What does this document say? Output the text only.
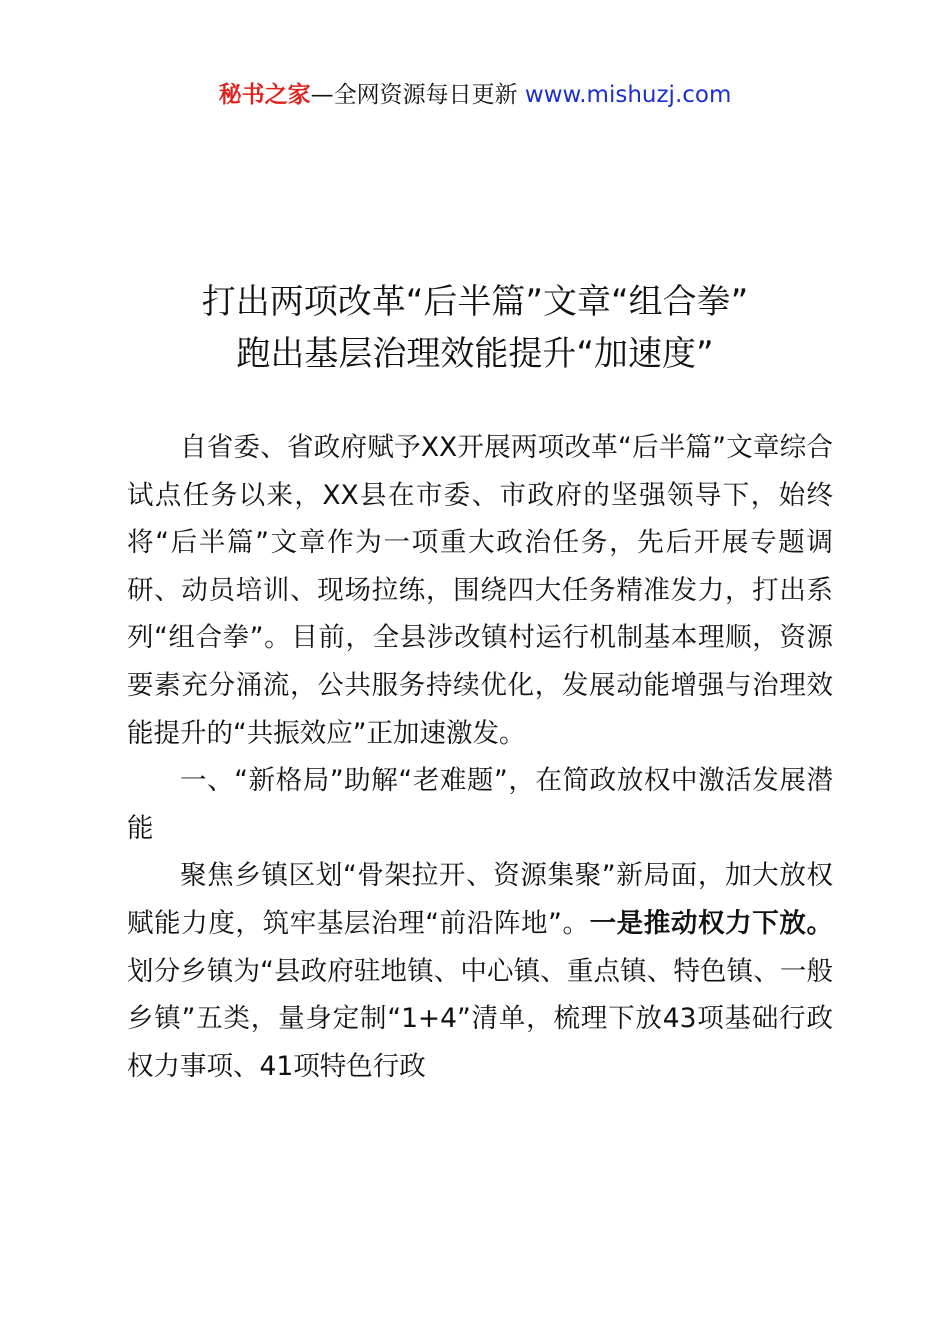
秘书之家—全网资源每日更新 www.mishuzj.com
打出两项改革“后半篇”文章“组合拳”
跑出基层治理效能提升“加速度”

自省委、省政府赋予XX开展两项改革“后半篇”文章综合试点任务以来，XX县在市委、市政府的坚强领导下，始终将“后半篇”文章作为一项重大政治任务，先后开展专题调研、动员培训、现场拉练，围绕四大任务精准发力，打出系列“组合拳”。目前，全县涉改镇村运行机制基本理顺，资源要素充分涌流，公共服务持续优化，发展动能增强与治理效能提升的“共振效应”正加速激发。

一、“新格局”助解“老难题”，在简政放权中激活发展潜能

聚焦乡镇区划“骨架拉开、资源集聚”新局面，加大放权赋能力度，筑牢基层治理“前沿阵地”。一是推动权力下放。划分乡镇为“县政府驻地镇、中心镇、重点镇、特色镇、一般乡镇”五类，量身定制“1+4”清单，梳理下放43项基础行政权力事项、41项特色行政
